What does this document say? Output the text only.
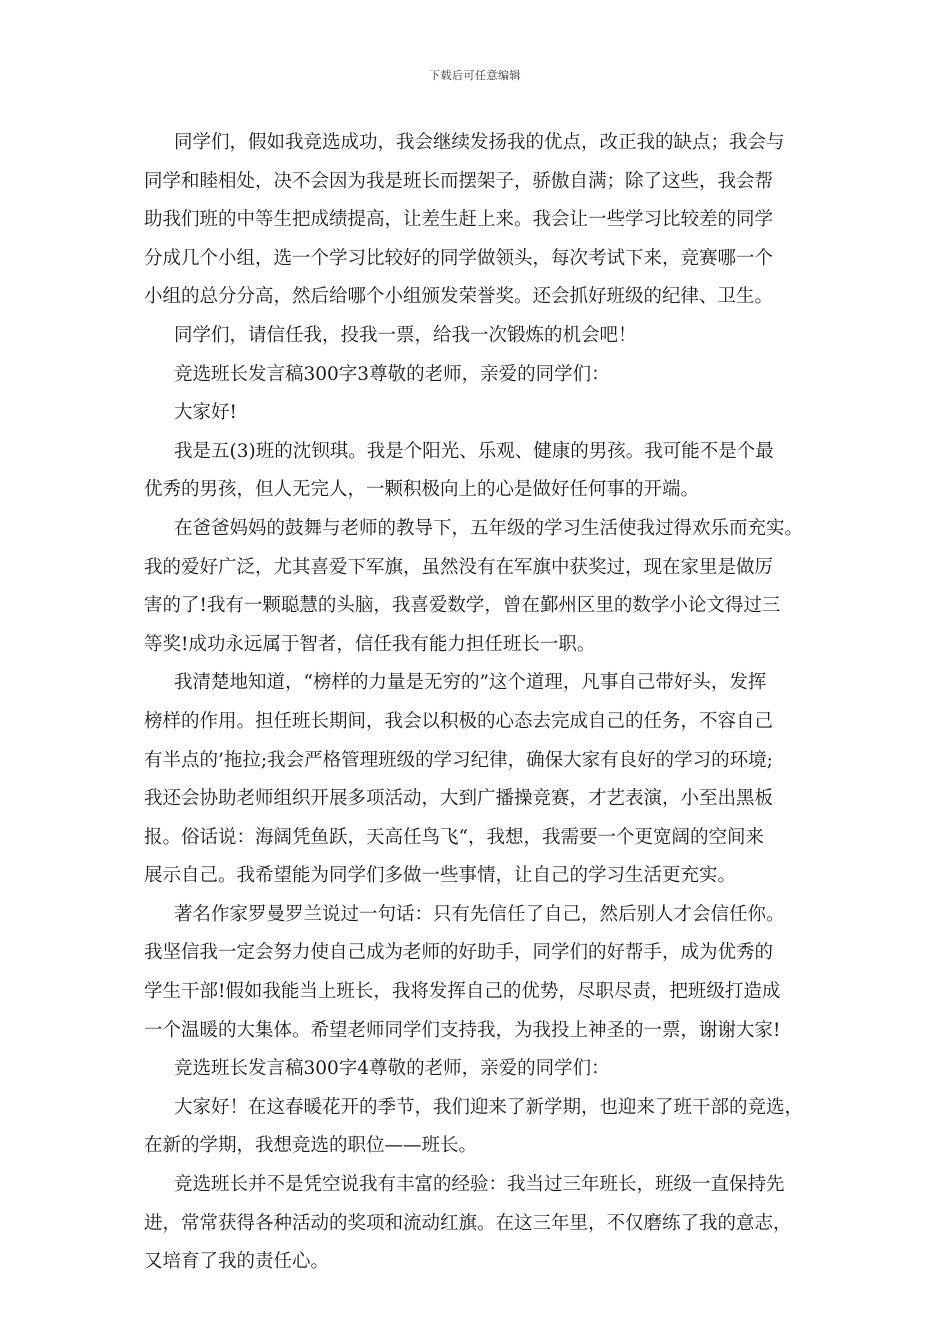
下载后可任意编辑
同学们，假如我竞选成功，我会继续发扬我的优点，改正我的缺点；我会与
同学和睦相处，决不会因为我是班长而摆架子，骄傲自满；除了这些，我会帮
助我们班的中等生把成绩提高，让差生赶上来。我会让一些学习比较差的同学
分成几个小组，选一个学习比较好的同学做领头，每次考试下来，竞赛哪一个
小组的总分分高，然后给哪个小组颁发荣誉奖。还会抓好班级的纪律、卫生。
同学们，请信任我，投我一票，给我一次锻炼的机会吧！
竞选班长发言稿300字3尊敬的老师，亲爱的同学们：
大家好!
我是五(3)班的沈钡琪。我是个阳光、乐观、健康的男孩。我可能不是个最
优秀的男孩，但人无完人，一颗积极向上的心是做好任何事的开端。
在爸爸妈妈的鼓舞与老师的教导下，五年级的学习生活使我过得欢乐而充实。
我的爱好广泛，尤其喜爱下军旗，虽然没有在军旗中获奖过，现在家里是做厉
害的了!我有一颗聪慧的头脑，我喜爱数学，曾在鄞州区里的数学小论文得过三
等奖!成功永远属于智者，信任我有能力担任班长一职。
我清楚地知道，“榜样的力量是无穷的”这个道理，凡事自己带好头，发挥
榜样的作用。担任班长期间，我会以积极的心态去完成自己的任务，不容自己
有半点的’拖拉;我会严格管理班级的学习纪律，确保大家有良好的学习的环境;
我还会协助老师组织开展多项活动，大到广播操竞赛，才艺表演，小至出黑板
报。俗话说：海阔凭鱼跃，天高任鸟飞“，我想，我需要一个更宽阔的空间来
展示自己。我希望能为同学们多做一些事情，让自己的学习生活更充实。
著名作家罗曼罗兰说过一句话：只有先信任了自己，然后别人才会信任你。
我坚信我一定会努力使自己成为老师的好助手，同学们的好帮手，成为优秀的
学生干部!假如我能当上班长，我将发挥自己的优势，尽职尽责，把班级打造成
一个温暖的大集体。希望老师同学们支持我，为我投上神圣的一票，谢谢大家!
竞选班长发言稿300字4尊敬的老师，亲爱的同学们：
大家好！在这春暖花开的季节，我们迎来了新学期，也迎来了班干部的竞选，
在新的学期，我想竞选的职位——班长。
竞选班长并不是凭空说我有丰富的经验：我当过三年班长，班级一直保持先
进，常常获得各种活动的奖项和流动红旗。在这三年里，不仅磨练了我的意志，
又培育了我的责任心。
